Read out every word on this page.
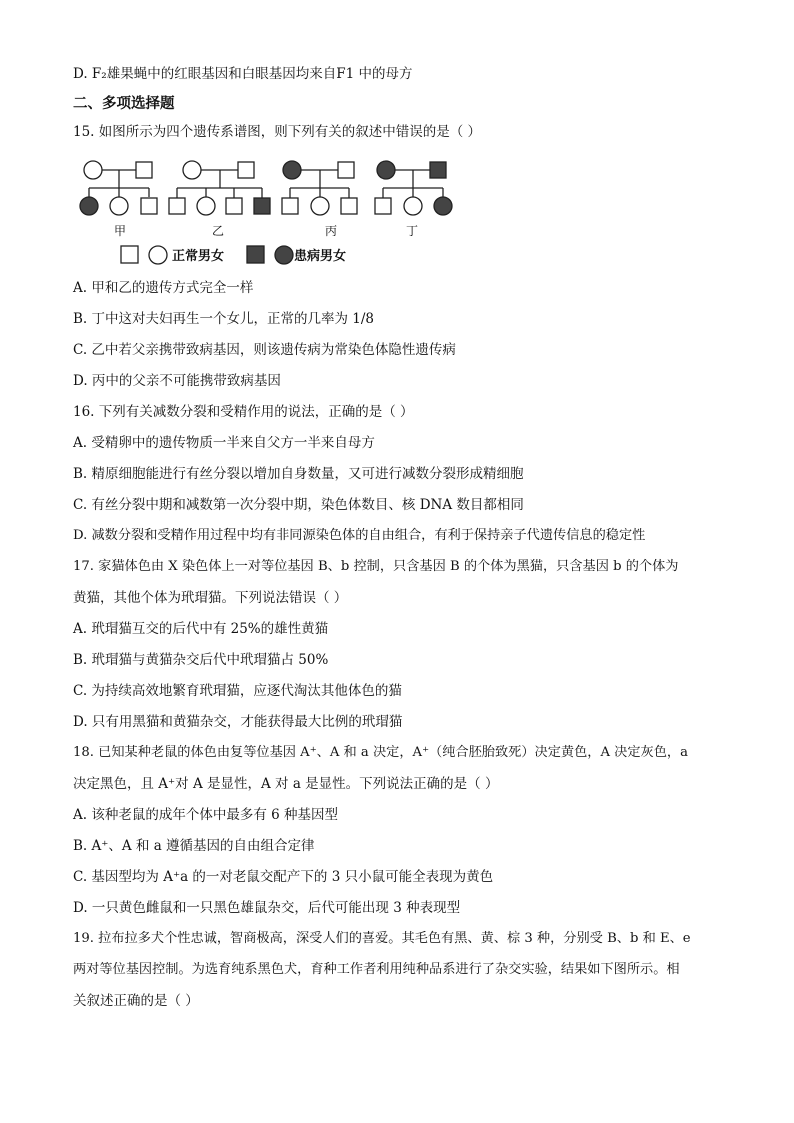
D. F₂雄果蝇中的红眼基因和白眼基因均来自F1 中的母方
二、多项选择题
15. 如图所示为四个遗传系谱图，则下列有关的叙述中错误的是（ ）
甲	乙	丙	丁
正常男女	患病男女
A. 甲和乙的遗传方式完全一样
B. 丁中这对夫妇再生一个女儿，正常的几率为 1/8
C. 乙中若父亲携带致病基因，则该遗传病为常染色体隐性遗传病
D. 丙中的父亲不可能携带致病基因
16. 下列有关减数分裂和受精作用的说法，正确的是（ ）
A. 受精卵中的遗传物质一半来自父方一半来自母方
B. 精原细胞能进行有丝分裂以增加自身数量，又可进行减数分裂形成精细胞
C. 有丝分裂中期和减数第一次分裂中期，染色体数目、核 DNA 数目都相同
D. 减数分裂和受精作用过程中均有非同源染色体的自由组合，有利于保持亲子代遗传信息的稳定性
17. 家猫体色由 X 染色体上一对等位基因 B、b 控制，只含基因 B 的个体为黑猫，只含基因 b 的个体为
黄猫，其他个体为玳瑁猫。下列说法错误（ ）
A. 玳瑁猫互交的后代中有 25%的雄性黄猫
B. 玳瑁猫与黄猫杂交后代中玳瑁猫占 50%
C. 为持续高效地繁育玳瑁猫，应逐代淘汰其他体色的猫
D. 只有用黑猫和黄猫杂交，才能获得最大比例的玳瑁猫
18. 已知某种老鼠的体色由复等位基因 A⁺、A 和 a 决定，A⁺（纯合胚胎致死）决定黄色，A 决定灰色，a
决定黑色，且 A⁺对 A 是显性，A 对 a 是显性。下列说法正确的是（ ）
A. 该种老鼠的成年个体中最多有 6 种基因型
B. A⁺、A 和 a 遵循基因的自由组合定律
C. 基因型均为 A⁺a 的一对老鼠交配产下的 3 只小鼠可能全表现为黄色
D. 一只黄色雌鼠和一只黑色雄鼠杂交，后代可能出现 3 种表现型
19. 拉布拉多犬个性忠诚，智商极高，深受人们的喜爱。其毛色有黑、黄、棕 3 种，分别受 B、b 和 E、e
两对等位基因控制。为选育纯系黑色犬，育种工作者利用纯种品系进行了杂交实验，结果如下图所示。相
关叙述正确的是（ ）
